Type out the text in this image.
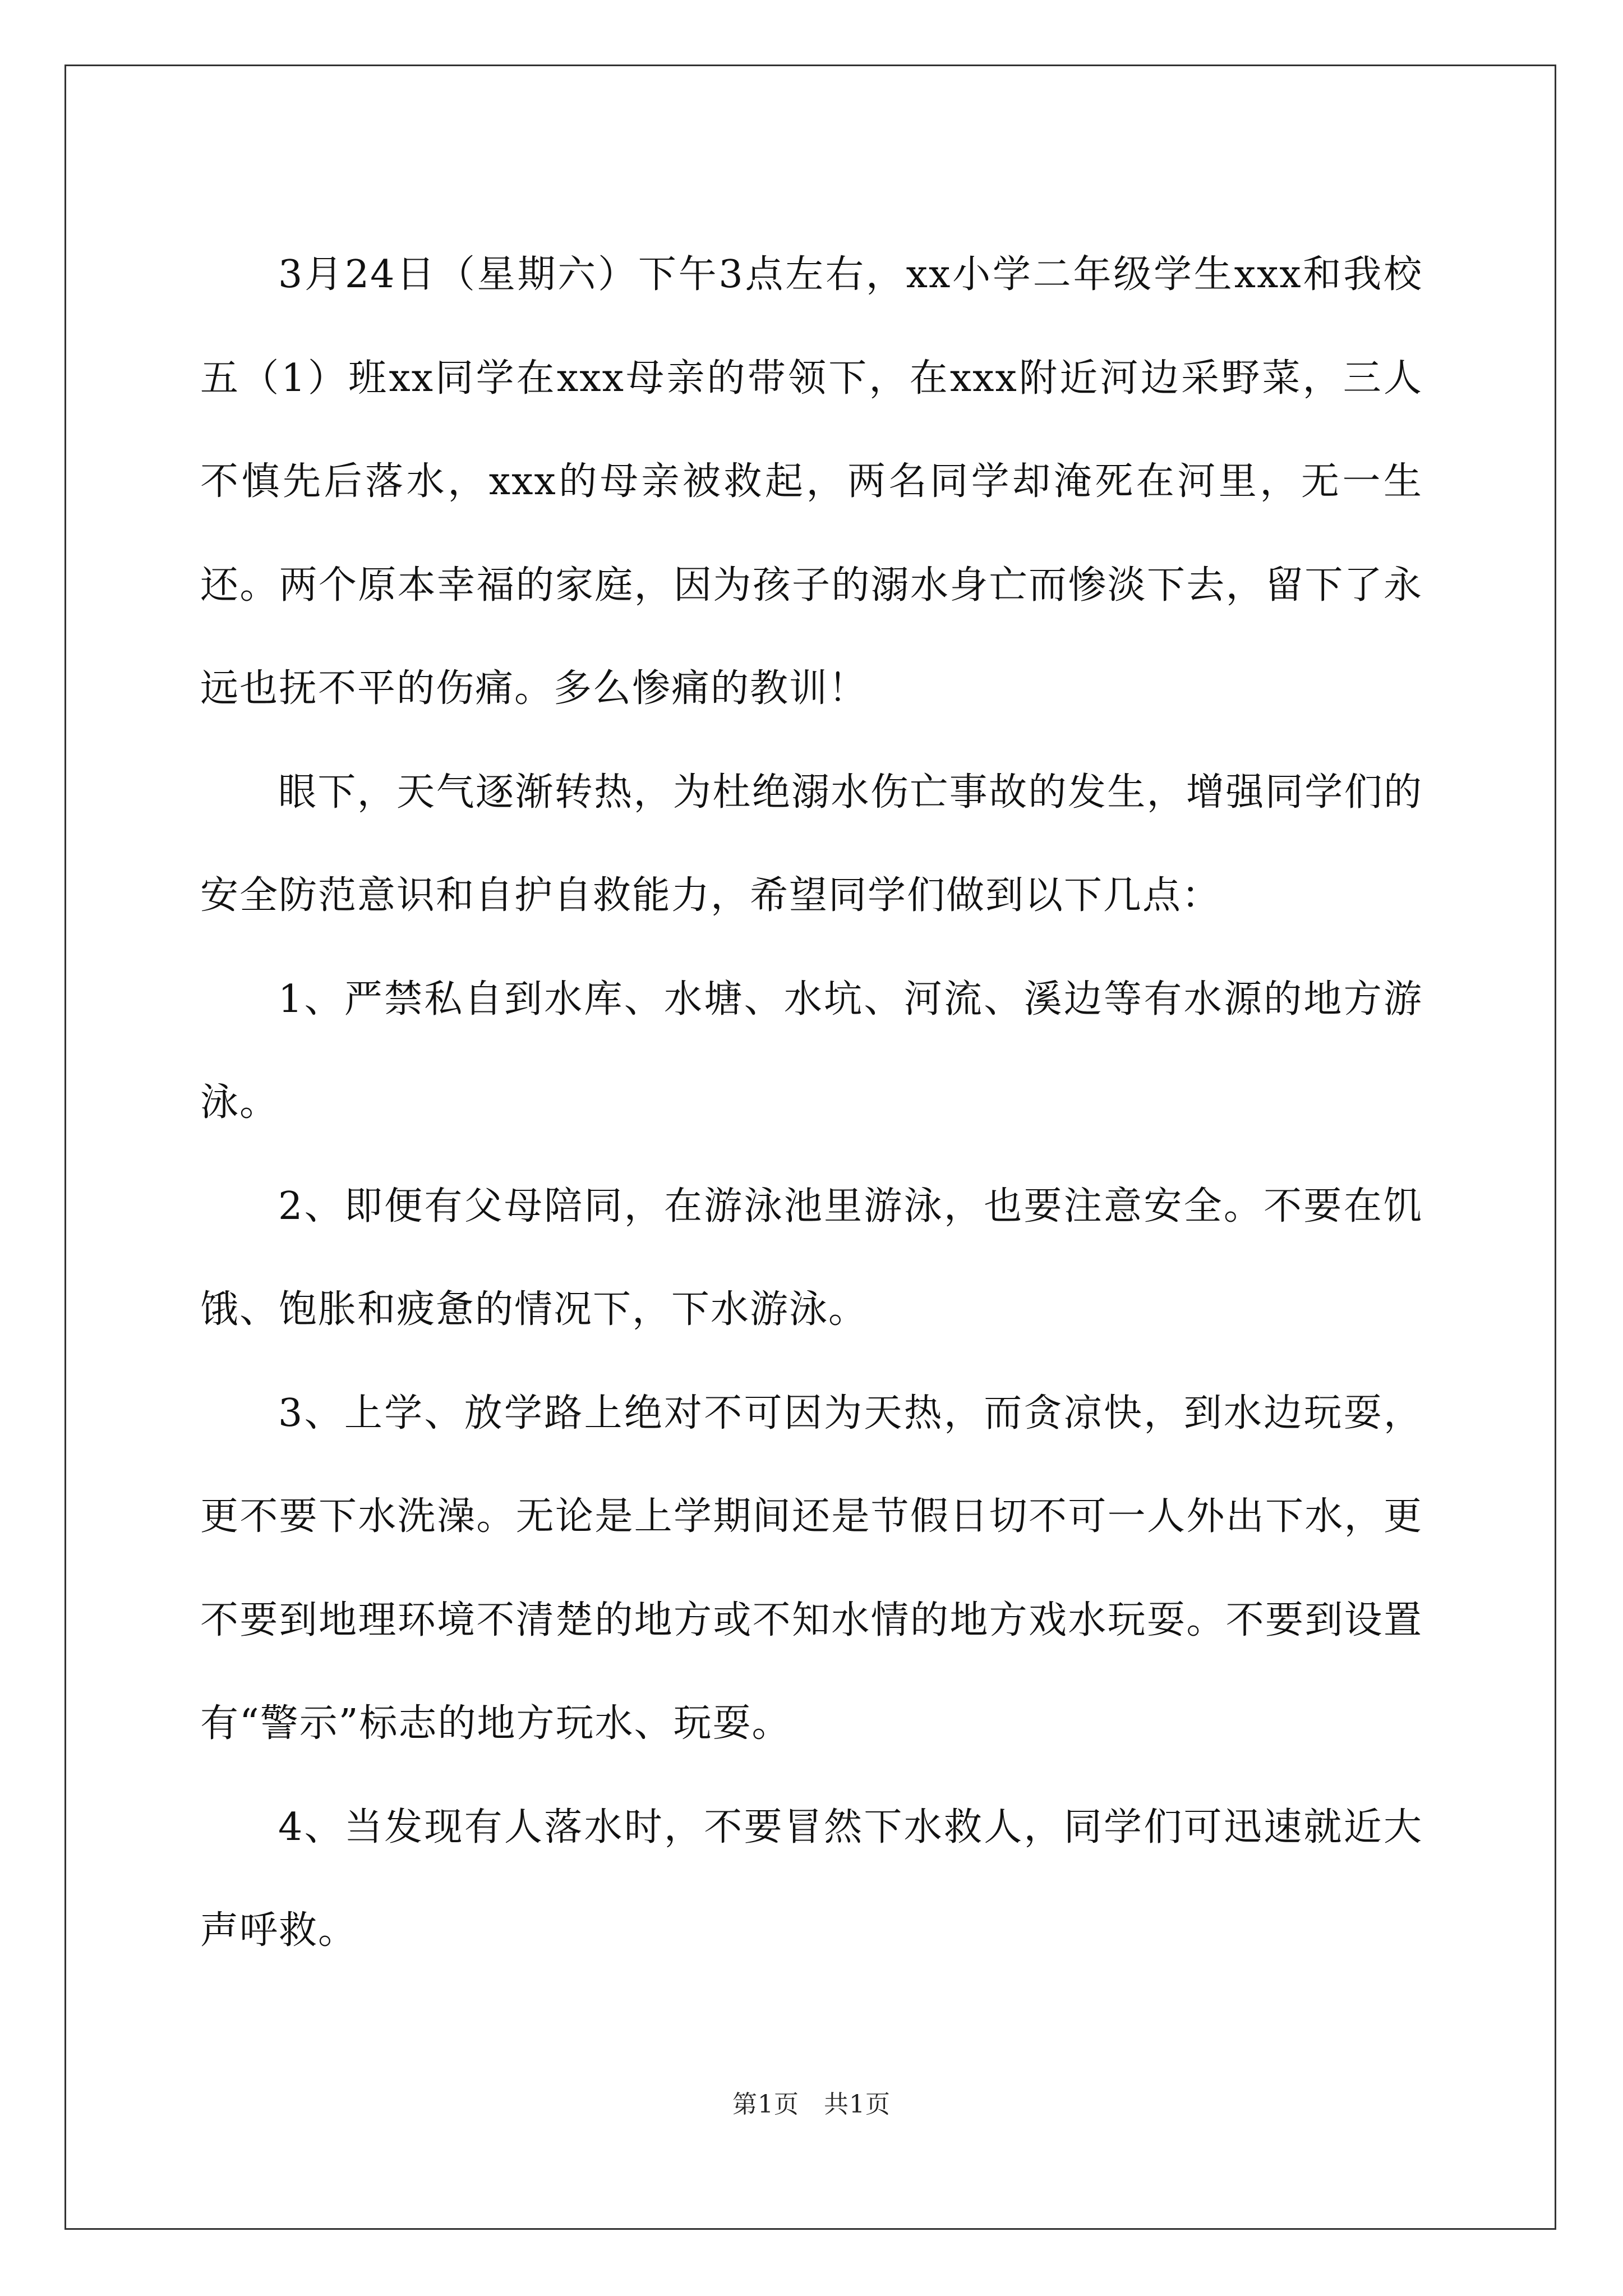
3月24日（星期六）下午3点左右，xx小学二年级学生xxx和我校五（1）班xx同学在xxx母亲的带领下，在xxx附近河边采野菜，三人不慎先后落水，xxx的母亲被救起，两名同学却淹死在河里，无一生还。两个原本幸福的家庭，因为孩子的溺水身亡而惨淡下去，留下了永远也抚不平的伤痛。多么惨痛的教训！

眼下，天气逐渐转热，为杜绝溺水伤亡事故的发生，增强同学们的安全防范意识和自护自救能力，希望同学们做到以下几点：

1、严禁私自到水库、水塘、水坑、河流、溪边等有水源的地方游泳。

2、即便有父母陪同，在游泳池里游泳，也要注意安全。不要在饥饿、饱胀和疲惫的情况下，下水游泳。

3、上学、放学路上绝对不可因为天热，而贪凉快，到水边玩耍，更不要下水洗澡。无论是上学期间还是节假日切不可一人外出下水，更不要到地理环境不清楚的地方或不知水情的地方戏水玩耍。不要到设置有“警示”标志的地方玩水、玩耍。

4、当发现有人落水时，不要冒然下水救人，同学们可迅速就近大声呼救。

第1页 共1页
